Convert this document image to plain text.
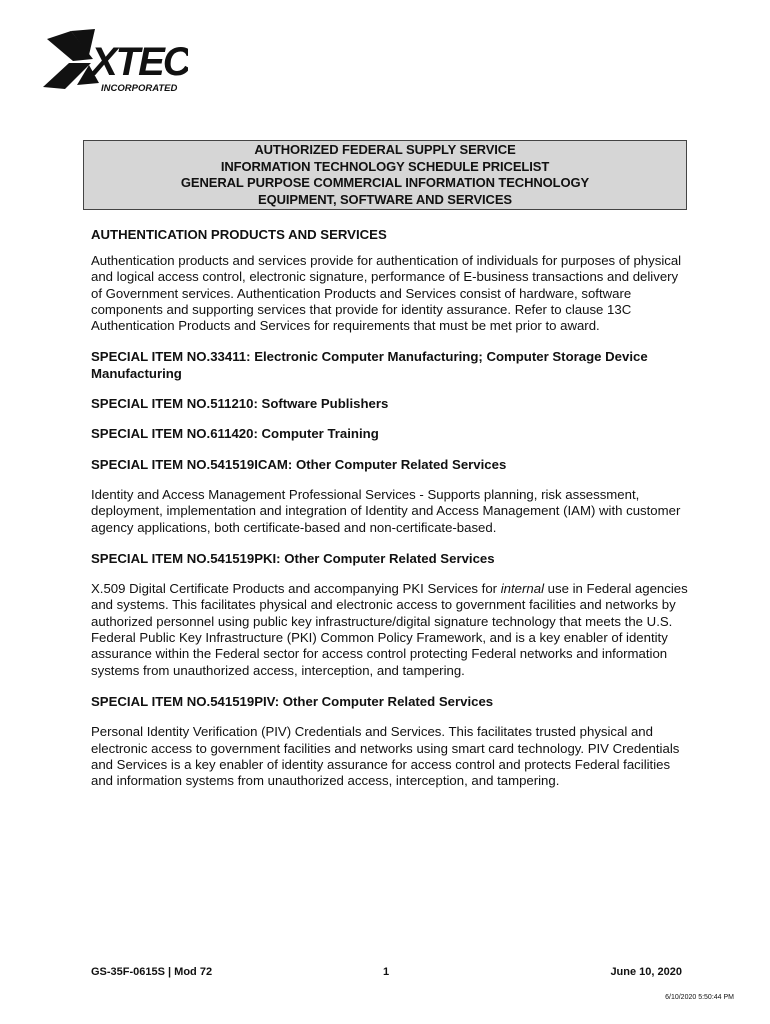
XTEC
INCORPORATED
AUTHORIZED FEDERAL SUPPLY SERVICE
INFORMATION TECHNOLOGY SCHEDULE PRICELIST
GENERAL PURPOSE COMMERCIAL INFORMATION TECHNOLOGY
EQUIPMENT, SOFTWARE AND SERVICES
AUTHENTICATION PRODUCTS AND SERVICES

Authentication products and services provide for authentication of individuals for purposes of physical and logical access control, electronic signature, performance of E-business transactions and delivery of Government services. Authentication Products and Services consist of hardware, software components and supporting services that provide for identity assurance. Refer to clause 13C Authentication Products and Services for requirements that must be met prior to award.

SPECIAL ITEM NO.33411: Electronic Computer Manufacturing; Computer Storage Device Manufacturing
SPECIAL ITEM NO.511210: Software Publishers
SPECIAL ITEM NO.611420: Computer Training
SPECIAL ITEM NO.541519ICAM: Other Computer Related Services

Identity and Access Management Professional Services - Supports planning, risk assessment, deployment, implementation and integration of Identity and Access Management (IAM) with customer agency applications, both certificate-based and non-certificate-based.

SPECIAL ITEM NO.541519PKI: Other Computer Related Services

X.509 Digital Certificate Products and accompanying PKI Services for internal use in Federal agencies and systems. This facilitates physical and electronic access to government facilities and networks by authorized personnel using public key infrastructure/digital signature technology that meets the U.S. Federal Public Key Infrastructure (PKI) Common Policy Framework, and is a key enabler of identity assurance within the Federal sector for access control protecting Federal networks and information systems from unauthorized access, interception, and tampering.

SPECIAL ITEM NO.541519PIV: Other Computer Related Services

Personal Identity Verification (PIV) Credentials and Services. This facilitates trusted physical and electronic access to government facilities and networks using smart card technology. PIV Credentials and Services is a key enabler of identity assurance for access control and protects Federal facilities and information systems from unauthorized access, interception, and tampering.

GS-35F-0615S | Mod 72	1	June 10, 2020
6/10/2020 5:50:44 PM
